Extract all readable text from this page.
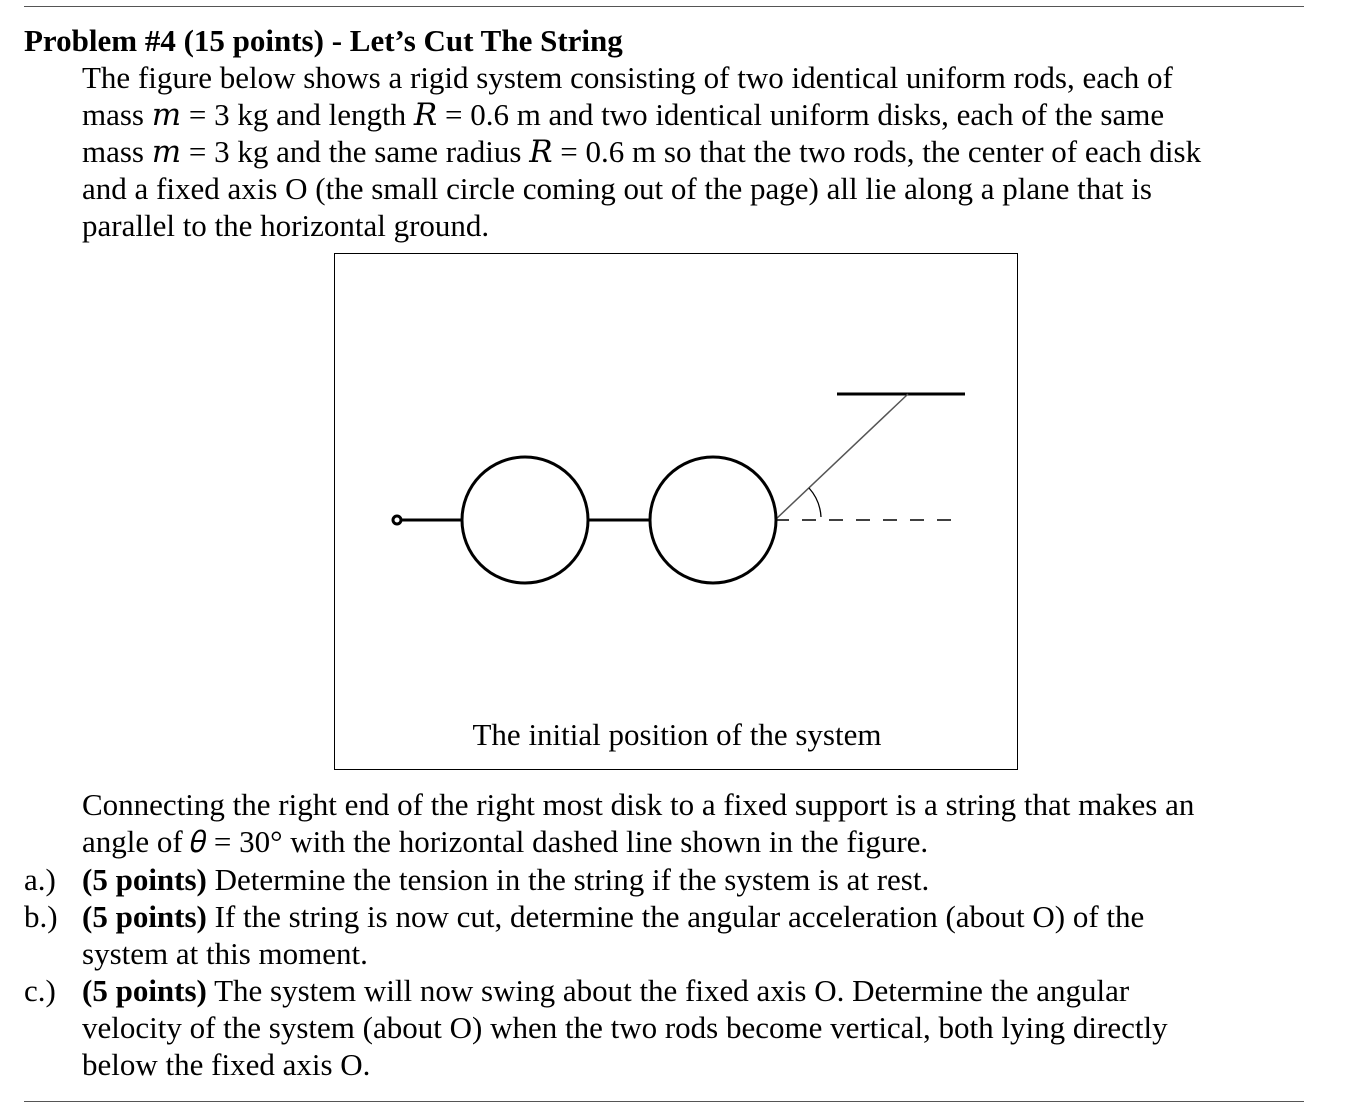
Problem #4 (15 points) - Let’s Cut The String
The figure below shows a rigid system consisting of two identical uniform rods, each of
mass 𝑚 = 3 kg and length 𝑅 = 0.6 m and two identical uniform disks, each of the same
mass 𝑚 = 3 kg and the same radius 𝑅 = 0.6 m so that the two rods, the center of each disk
and a fixed axis O (the small circle coming out of the page) all lie along a plane that is
parallel to the horizontal ground.
The initial position of the system
Connecting the right end of the right most disk to a fixed support is a string that makes an
angle of 𝜃 = 30° with the horizontal dashed line shown in the figure.
a.) (5 points) Determine the tension in the string if the system is at rest.
b.) (5 points) If the string is now cut, determine the angular acceleration (about O) of the
system at this moment.
c.) (5 points) The system will now swing about the fixed axis O. Determine the angular
velocity of the system (about O) when the two rods become vertical, both lying directly
below the fixed axis O.
